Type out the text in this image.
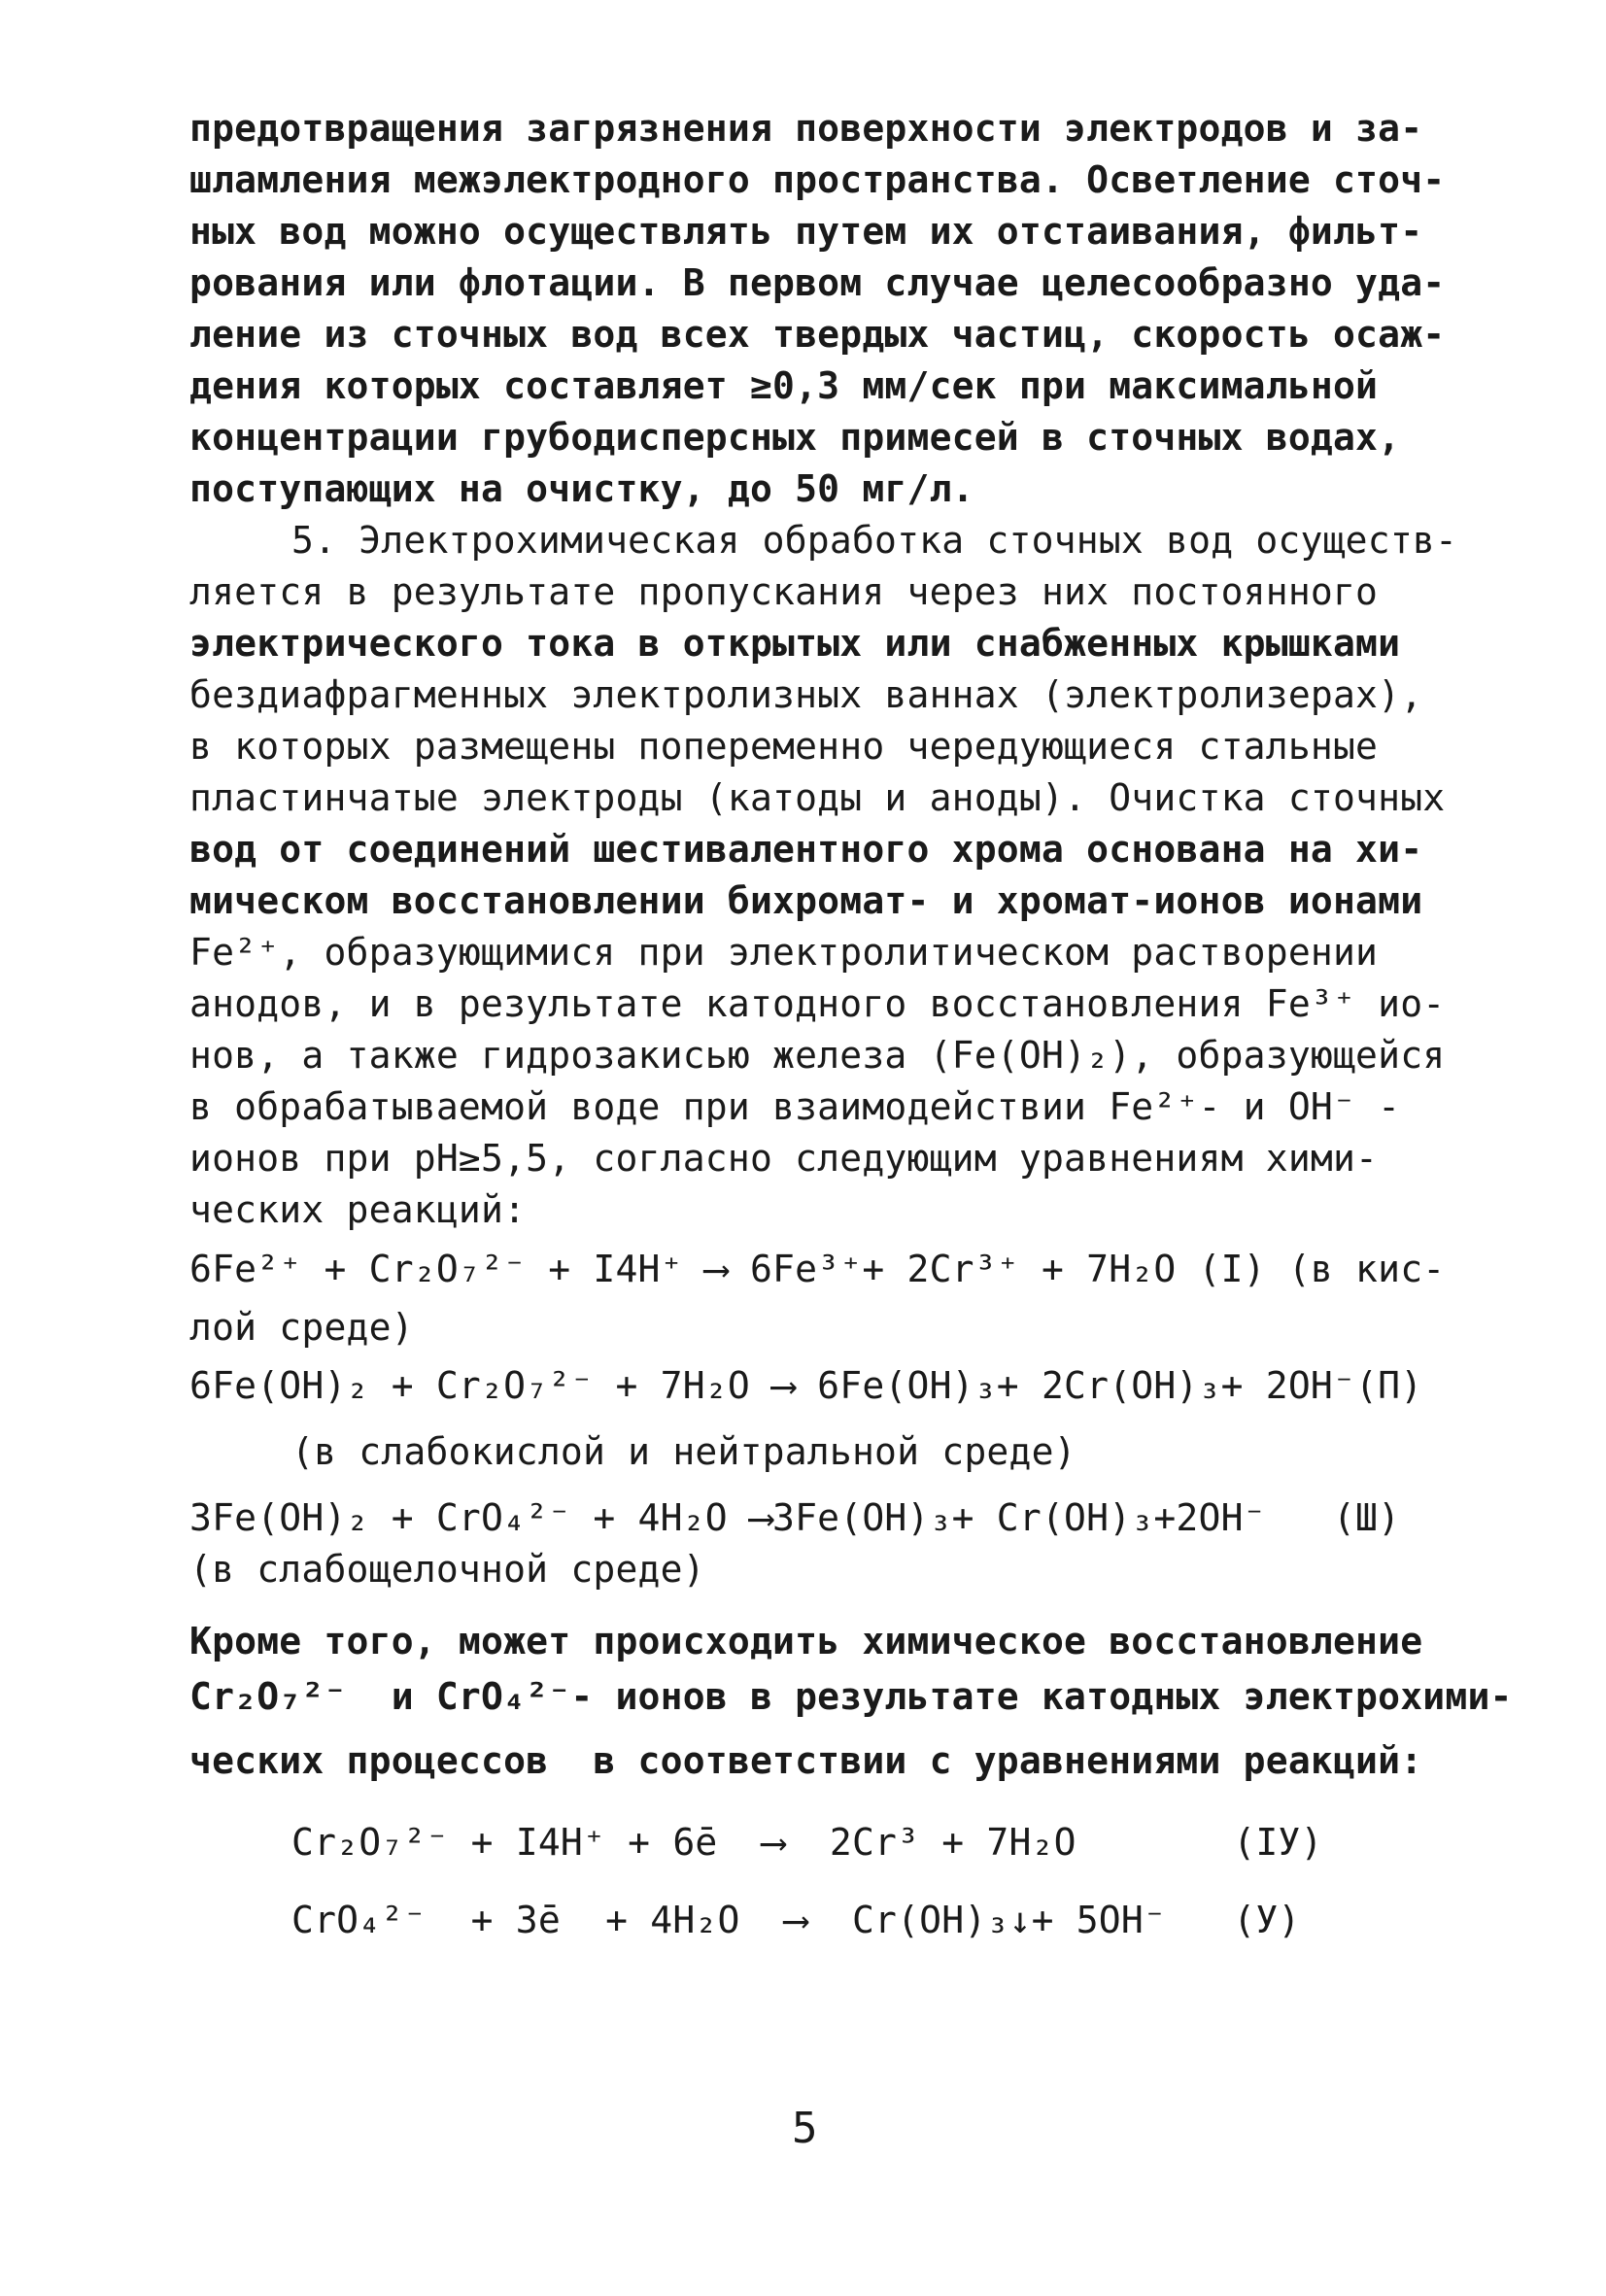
предотвращения загрязнения поверхности электродов и за-

шламления межэлектродного пространства. Осветление сточ-

ных вод можно осуществлять путем их отстаивания, фильт-

рования или флотации. В первом случае целесообразно уда-

ление из сточных вод всех твердых частиц, скорость осаж-

дения которых составляет ≥0,3 мм/сек при максимальной

концентрации грубодисперсных примесей в сточных водах,

поступающих на очистку, до 50 мг/л.

5. Электрохимическая обработка сточных вод осуществ-

ляется в результате пропускания через них постоянного

электрического тока в открытых или снабженных крышками

бездиафрагменных электролизных ваннах (электролизерах),

в которых размещены попеременно чередующиеся стальные

пластинчатые электроды (катоды и аноды). Очистка сточных

вод от соединений шестивалентного хрома основана на хи-

мическом восстановлении бихромат- и хромат-ионов ионами

Fe²⁺, образующимися при электролитическом растворении

анодов, и в результате катодного восстановления Fe³⁺ ио-

нов, а также гидрозакисью железа (Fe(OH)₂), образующейся

в обрабатываемой воде при взаимодействии Fe²⁺- и OH⁻ -

ионов при pH≥5,5, согласно следующим уравнениям хими-

ческих реакций:

6Fe²⁺ + Cr₂O₇²⁻ + I4H⁺ ⟶ 6Fe³⁺+ 2Cr³⁺ + 7H₂O (I) (в кис-

лой среде)

6Fe(OH)₂ + Cr₂O₇²⁻ + 7H₂O ⟶ 6Fe(OH)₃+ 2Cr(OH)₃+ 2OH⁻(П)

(в слабокислой и нейтральной среде)

3Fe(OH)₂ + CrO₄²⁻ + 4H₂O ⟶3Fe(OH)₃+ Cr(OH)₃+2OH⁻   (Ш)

(в слабощелочной среде)

Кроме того, может происходить химическое восстановление

Cr₂O₇²⁻  и CrO₄²⁻- ионов в результате катодных электрохими-

ческих процессов  в соответствии с уравнениями реакций:

Cr₂O₇²⁻ + I4H⁺ + 6ē  ⟶  2Cr³ + 7H₂O       (IУ)

CrO₄²⁻  + 3ē  + 4H₂O  ⟶  Cr(OH)₃↓+ 5OH⁻   (У)

5
